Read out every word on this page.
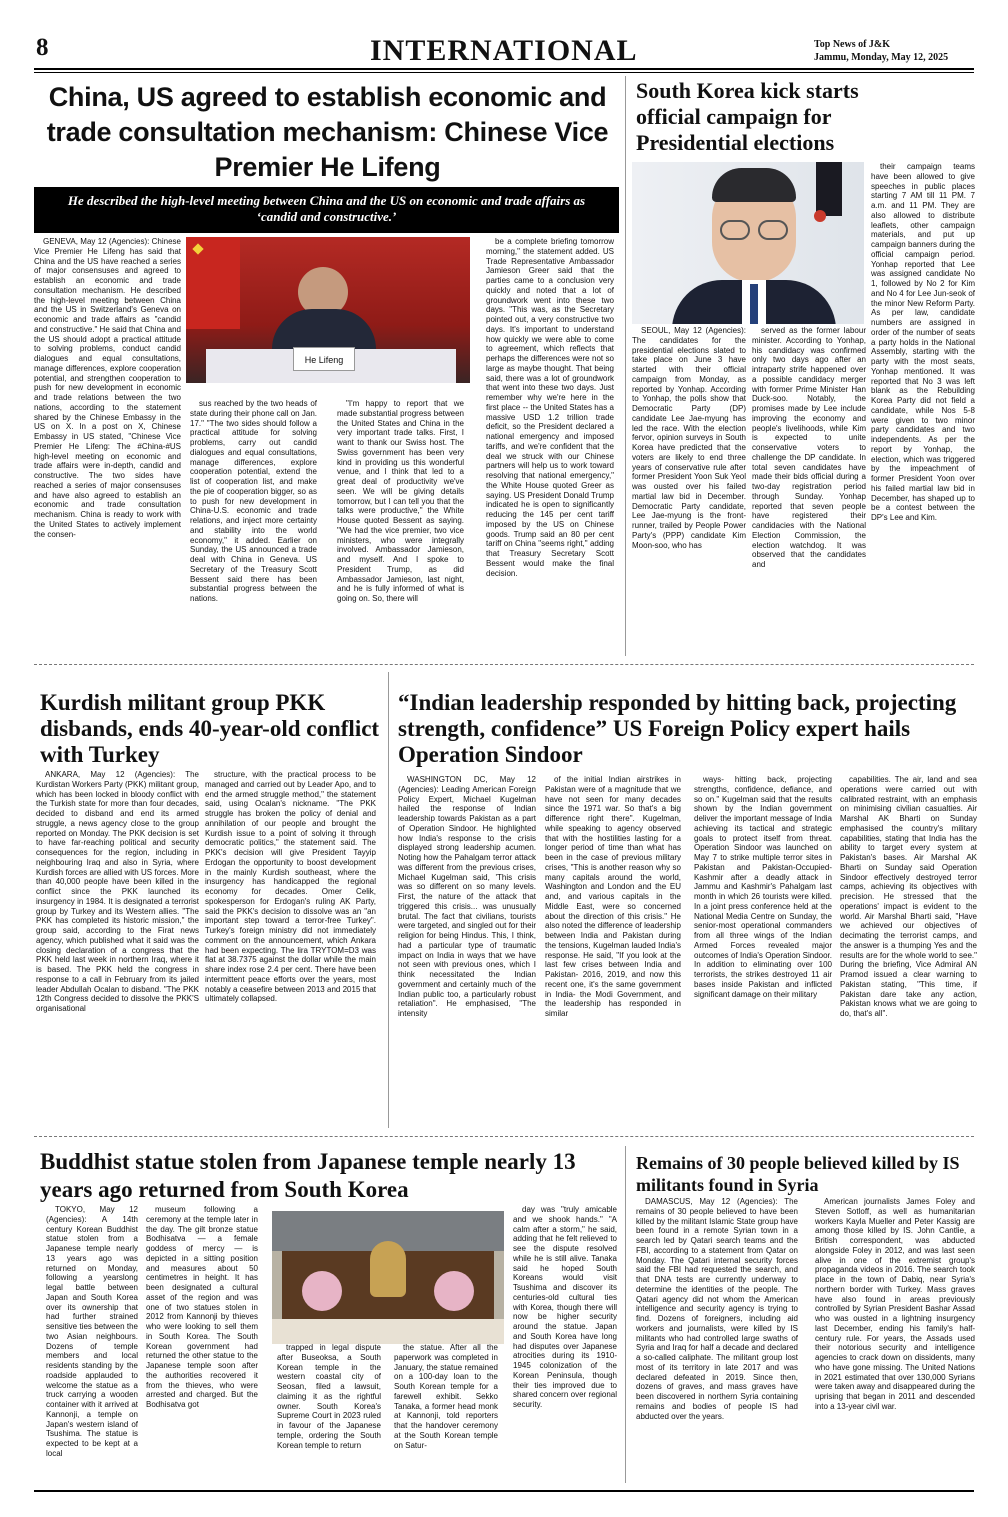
8	INTERNATIONAL	Top News of J&K
Jammu, Monday, May 12, 2025
China, US agreed to establish economic and trade consultation mechanism: Chinese Vice Premier He Lifeng
He described the high-level meeting between China and the US on economic and trade affairs as ‘candid and constructive.’

GENEVA, May 12 (Agencies): Chinese Vice Premier He Lifeng has said that China and the US have reached a series of major consensuses and agreed to establish an economic and trade consultation mechanism. He described the high-level meeting between China and the US in Switzerland's Geneva on economic and trade affairs as "candid and constructive." He said that China and the US should adopt a practical attitude to solving problems, conduct candid dialogues and equal consultations, manage differences, explore cooperation potential, and strengthen cooperation to push for new development in economic and trade relations between the two nations, according to the statement shared by the Chinese Embassy in the US on X. In a post on X, Chinese Embassy in US stated, "Chinese Vice Premier He Lifeng: The #China-#US high-level meeting on economic and trade affairs were in-depth, candid and constructive. The two sides have reached a series of major consensuses and have also agreed to establish an economic and trade consultation mechanism. China is ready to work with the United States to actively implement the consen-

He Lifeng

sus reached by the two heads of state during their phone call on Jan. 17." "The two sides should follow a practical attitude for solving problems, carry out candid dialogues and equal consultations, manage differences, explore cooperation potential, extend the list of cooperation list, and make the pie of cooperation bigger, so as to push for new development in China-U.S. economic and trade relations, and inject more certainty and stability into the world economy," it added. Earlier on Sunday, the US announced a trade deal with China in Geneva. US Secretary of the Treasury Scott Bessent said there has been substantial progress between the nations.

"I'm happy to report that we made substantial progress between the United States and China in the very important trade talks. First, I want to thank our Swiss host. The Swiss government has been very kind in providing us this wonderful venue, and I think that led to a great deal of productivity we've seen. We will be giving details tomorrow, but I can tell you that the talks were productive," the White House quoted Bessent as saying. "We had the vice premier, two vice ministers, who were integrally involved. Ambassador Jamieson, and myself. And I spoke to President Trump, as did Ambassador Jamieson, last night, and he is fully informed of what is going on. So, there will

be a complete briefing tomorrow morning," the statement added. US Trade Representative Ambassador Jamieson Greer said that the parties came to a conclusion very quickly and noted that a lot of groundwork went into these two days. "This was, as the Secretary pointed out, a very constructive two days. It's important to understand how quickly we were able to come to agreement, which reflects that perhaps the differences were not so large as maybe thought. That being said, there was a lot of groundwork that went into these two days. Just remember why we're here in the first place -- the United States has a massive USD 1.2 trillion trade deficit, so the President declared a national emergency and imposed tariffs, and we're confident that the deal we struck with our Chinese partners will help us to work toward resolving that national emergency," the White House quoted Greer as saying. US President Donald Trump indicated he is open to significantly reducing the 145 per cent tariff imposed by the US on Chinese goods. Trump said an 80 per cent tariff on China "seems right," adding that Treasury Secretary Scott Bessent would make the final decision.

South Korea kick starts official campaign for Presidential elections

SEOUL, May 12 (Agencies): The candidates for the presidential elections slated to take place on June 3 have started with their official campaign from Monday, as reported by Yonhap. According to Yonhap, the polls show that Democratic Party (DP) candidate Lee Jae-myung has led the race. With the election fervor, opinion surveys in South Korea have predicted that the voters are likely to end three years of conservative rule after former President Yoon Suk Yeol was ousted over his failed martial law bid in December. Democratic Party candidate, Lee Jae-myung is the front-runner, trailed by People Power Party's (PPP) candidate Kim Moon-soo, who has

served as the former labour minister. According to Yonhap, his candidacy was confirmed only two days ago after an intraparty strife happened over a possible candidacy merger with former Prime Minister Han Duck-soo. Notably, the promises made by Lee include improving the economy and people's livelihoods, while Kim is expected to unite conservative voters to challenge the DP candidate. In total seven candidates have made their bids official during a two-day registration period through Sunday. Yonhap reported that seven people have registered their candidacies with the National Election Commission, the election watchdog. It was observed that the candidates and

their campaign teams have been allowed to give speeches in public places starting 7 AM till 11 PM. 7 a.m. and 11 PM. They are also allowed to distribute leaflets, other campaign materials, and put up campaign banners during the official campaign period. Yonhap reported that Lee was assigned candidate No 1, followed by No 2 for Kim and No 4 for Lee Jun-seok of the minor New Reform Party. As per law, candidate numbers are assigned in order of the number of seats a party holds in the National Assembly, starting with the party with the most seats, Yonhap mentioned. It was reported that No 3 was left blank as the Rebuilding Korea Party did not field a candidate, while Nos 5-8 were given to two minor party candidates and two independents. As per the report by Yonhap, the election, which was triggered by the impeachment of former President Yoon over his failed martial law bid in December, has shaped up to be a contest between the DP's Lee and Kim.

Kurdish militant group PKK disbands, ends 40-year-old conflict with Turkey

ANKARA, May 12 (Agencies): The Kurdistan Workers Party (PKK) militant group, which has been locked in bloody conflict with the Turkish state for more than four decades, decided to disband and end its armed struggle, a news agency close to the group reported on Monday. The PKK decision is set to have far-reaching political and security consequences for the region, including in neighbouring Iraq and also in Syria, where Kurdish forces are allied with US forces. More than 40,000 people have been killed in the conflict since the PKK launched its insurgency in 1984. It is designated a terrorist group by Turkey and its Western allies. "The PKK has completed its historic mission," the group said, according to the Firat news agency, which published what it said was the closing declaration of a congress that the PKK held last week in northern Iraq, where it is based. The PKK held the congress in response to a call in February from its jailed leader Abdullah Ocalan to disband. "The PKK 12th Congress decided to dissolve the PKK'S organisational

structure, with the practical process to be managed and carried out by Leader Apo, and to end the armed struggle method," the statement said, using Ocalan's nickname. "The PKK struggle has broken the policy of denial and annihilation of our people and brought the Kurdish issue to a point of solving it through democratic politics," the statement said. The PKK's decision will give President Tayyip Erdogan the opportunity to boost development in the mainly Kurdish southeast, where the insurgency has handicapped the regional economy for decades. Omer Celik, spokesperson for Erdogan's ruling AK Party, said the PKK's decision to dissolve was an "an important step toward a terror-free Turkey". Turkey's foreign ministry did not immediately comment on the announcement, which Ankara had been expecting. The lira TRYTOM=D3 was flat at 38.7375 against the dollar while the main share index rose 2.4 per cent. There have been intermittent peace efforts over the years, most notably a ceasefire between 2013 and 2015 that ultimately collapsed.

“Indian leadership responded by hitting back, projecting strength, confidence” US Foreign Policy expert hails Operation Sindoor

WASHINGTON DC, May 12 (Agencies): Leading American Foreign Policy Expert, Michael Kugelman hailed the response of Indian leadership towards Pakistan as a part of Operation Sindoor. He highlighted how India's response to the crisis displayed strong leadership acumen. Noting how the Pahalgam terror attack was different from the previous crises, Michael Kugelman said, 'This crisis was so different on so many levels. First, the nature of the attack that triggered this crisis... was unusually brutal. The fact that civilians, tourists were targeted, and singled out for their religion for being Hindus. This, I think, had a particular type of traumatic impact on India in ways that we have not seen with previous ones, which I think necessitated the Indian government and certainly much of the Indian public too, a particularly robust retaliation". He emphasised, "The intensity

of the initial Indian airstrikes in Pakistan were of a magnitude that we have not seen for many decades since the 1971 war. So that's a big difference right there". Kugelman, while speaking to agency observed that with the hostilities lasting for a longer period of time than what has been in the case of previous military crises, "This is another reason why so many capitals around the world, Washington and London and the EU and, and various capitals in the Middle East, were so concerned about the direction of this crisis." He also noted the difference of leadership between India and Pakistan during the tensions, Kugelman lauded India's response. He said, "If you look at the last few crises between India and Pakistan- 2016, 2019, and now this recent one, it's the same government in India- the Modi Government, and the leadership has responded in similar

ways- hitting back, projecting strengths, confidence, defiance, and so on." Kugelman said that the results shown by the Indian government deliver the important message of India achieving its tactical and strategic goals to protect itself from threat. Operation Sindoor was launched on May 7 to strike multiple terror sites in Pakistan and Pakistan-Occupied-Kashmir after a deadly attack in Jammu and Kashmir's Pahalgam last month in which 26 tourists were killed. In a joint press conference held at the National Media Centre on Sunday, the senior-most operational commanders from all three wings of the Indian Armed Forces revealed major outcomes of India's Operation Sindoor. In addition to eliminating over 100 terrorists, the strikes destroyed 11 air bases inside Pakistan and inflicted significant damage on their military

capabilities. The air, land and sea operations were carried out with calibrated restraint, with an emphasis on minimising civilian casualties. Air Marshal AK Bharti on Sunday emphasised the country's military capabilities, stating that India has the ability to target every system at Pakistan's bases. Air Marshal AK Bharti on Sunday said Operation Sindoor effectively destroyed terror camps, achieving its objectives with precision. He stressed that the operations' impact is evident to the world. Air Marshal Bharti said, "Have we achieved our objectives of decimating the terrorist camps, and the answer is a thumping Yes and the results are for the whole world to see." During the briefing, Vice Admiral AN Pramod issued a clear warning to Pakistan stating, "This time, if Pakistan dare take any action, Pakistan knows what we are going to do, that's all".

Buddhist statue stolen from Japanese temple nearly 13 years ago returned from South Korea

TOKYO, May 12 (Agencies): A 14th century Korean Buddhist statue stolen from a Japanese temple nearly 13 years ago was returned on Monday, following a yearslong legal battle between Japan and South Korea over its ownership that had further strained sensitive ties between the two Asian neighbours. Dozens of temple members and local residents standing by the roadside applauded to welcome the statue as a truck carrying a wooden container with it arrived at Kannonji, a temple on Japan's western island of Tsushima. The statue is expected to be kept at a local

museum following a ceremony at the temple later in the day. The gilt bronze statue Bodhisatva — a female goddess of mercy — is depicted in a sitting position and measures about 50 centimetres in height. It has been designated a cultural asset of the region and was one of two statues stolen in 2012 from Kannonji by thieves who were looking to sell them in South Korea. The South Korean government had returned the other statue to the Japanese temple soon after the authorities recovered it from the thieves, who were arrested and charged. But the Bodhisatva got

trapped in legal dispute after Buseoksa, a South Korean temple in the western coastal city of Seosan, filed a lawsuit, claiming it as the rightful owner. South Korea's Supreme Court in 2023 ruled in favour of the Japanese temple, ordering the South Korean temple to return

the statue. After all the paperwork was completed in January, the statue remained on a 100-day loan to the South Korean temple for a farewell exhibit. Sekko Tanaka, a former head monk at Kannonji, told reporters that the handover ceremony at the South Korean temple on Satur-

day was "truly amicable and we shook hands." "A calm after a storm," he said, adding that he felt relieved to see the dispute resolved while he is still alive. Tanaka said he hoped South Koreans would visit Tsushima and discover its centuries-old cultural ties with Korea, though there will now be higher security around the statue. Japan and South Korea have long had disputes over Japanese atrocities during its 1910-1945 colonization of the Korean Peninsula, though their ties improved due to shared concern over regional security.

Remains of 30 people believed killed by IS militants found in Syria

DAMASCUS, May 12 (Agencies): The remains of 30 people believed to have been killed by the militant Islamic State group have been found in a remote Syrian town in a search led by Qatari search teams and the FBI, according to a statement from Qatar on Monday. The Qatari internal security forces said the FBI had requested the search, and that DNA tests are currently underway to determine the identities of the people. The Qatari agency did not whom the American intelligence and security agency is trying to find. Dozens of foreigners, including aid workers and journalists, were killed by IS militants who had controlled large swaths of Syria and Iraq for half a decade and declared a so-called caliphate. The militant group lost most of its territory in late 2017 and was declared defeated in 2019. Since then, dozens of graves, and mass graves have been discovered in northern Syria containing remains and bodies of people IS had abducted over the years.

American journalists James Foley and Steven Sotloff, as well as humanitarian workers Kayla Mueller and Peter Kassig are among those killed by IS. John Cantlie, a British correspondent, was abducted alongside Foley in 2012, and was last seen alive in one of the extremist group's propaganda videos in 2016. The search took place in the town of Dabiq, near Syria's northern border with Turkey. Mass graves have also found in areas previously controlled by Syrian President Bashar Assad who was ousted in a lightning insurgency last December, ending his family's half-century rule. For years, the Assads used their notorious security and intelligence agencies to crack down on dissidents, many who have gone missing. The United Nations in 2021 estimated that over 130,000 Syrians were taken away and disappeared during the uprising that began in 2011 and descended into a 13-year civil war.
